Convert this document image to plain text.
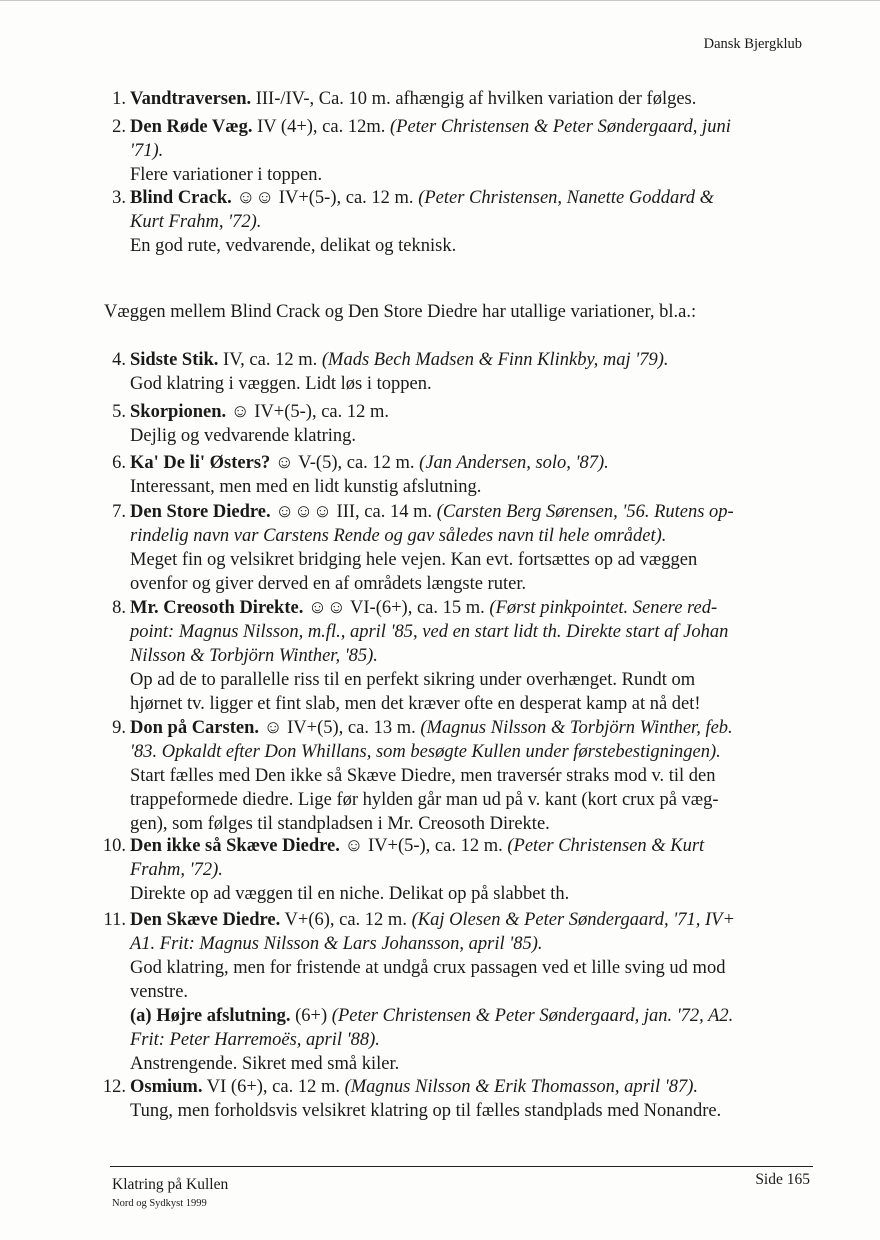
Dansk Bjergklub
1. Vandtraversen. III-/IV-, Ca. 10 m. afhængig af hvilken variation der følges.
2. Den Røde Væg. IV (4+), ca. 12m. (Peter Christensen & Peter Søndergaard, juni
'71).
Flere variationer i toppen.
3. Blind Crack. ☺☺ IV+(5-), ca. 12 m. (Peter Christensen, Nanette Goddard &
Kurt Frahm, '72).
En god rute, vedvarende, delikat og teknisk.
4. Sidste Stik. IV, ca. 12 m. (Mads Bech Madsen & Finn Klinkby, maj '79).
God klatring i væggen. Lidt løs i toppen.
5. Skorpionen. ☺ IV+(5-), ca. 12 m.
Dejlig og vedvarende klatring.
6. Ka' De li' Østers? ☺ V-(5), ca. 12 m. (Jan Andersen, solo, '87).
Interessant, men med en lidt kunstig afslutning.
7. Den Store Diedre. ☺☺☺ III, ca. 14 m. (Carsten Berg Sørensen, '56. Rutens op-
rindelig navn var Carstens Rende og gav således navn til hele området).
Meget fin og velsikret bridging hele vejen. Kan evt. fortsættes op ad væggen
ovenfor og giver derved en af områdets længste ruter.
8. Mr. Creosoth Direkte. ☺☺ VI-(6+), ca. 15 m. (Først pinkpointet. Senere red-
point: Magnus Nilsson, m.fl., april '85, ved en start lidt th. Direkte start af Johan
Nilsson & Torbjörn Winther, '85).
Op ad de to parallelle riss til en perfekt sikring under overhænget. Rundt om
hjørnet tv. ligger et fint slab, men det kræver ofte en desperat kamp at nå det!
9. Don på Carsten. ☺ IV+(5), ca. 13 m. (Magnus Nilsson & Torbjörn Winther, feb.
'83. Opkaldt efter Don Whillans, som besøgte Kullen under førstebestigningen).
Start fælles med Den ikke så Skæve Diedre, men traversér straks mod v. til den
trappeformede diedre. Lige før hylden går man ud på v. kant (kort crux på væg-
gen), som følges til standpladsen i Mr. Creosoth Direkte.
10. Den ikke så Skæve Diedre. ☺ IV+(5-), ca. 12 m. (Peter Christensen & Kurt
Frahm, '72).
Direkte op ad væggen til en niche. Delikat op på slabbet th.
11. Den Skæve Diedre. V+(6), ca. 12 m. (Kaj Olesen & Peter Søndergaard, '71, IV+
A1. Frit: Magnus Nilsson & Lars Johansson, april '85).
God klatring, men for fristende at undgå crux passagen ved et lille sving ud mod
venstre.
(a) Højre afslutning. (6+) (Peter Christensen & Peter Søndergaard, jan. '72, A2.
Frit: Peter Harremoës, april '88).
Anstrengende. Sikret med små kiler.
12. Osmium. VI (6+), ca. 12 m. (Magnus Nilsson & Erik Thomasson, april '87).
Tung, men forholdsvis velsikret klatring op til fælles standplads med Nonandre.
Væggen mellem Blind Crack og Den Store Diedre har utallige variationer, bl.a.:
Klatring på Kullen
Nord og Sydkyst 1999
Side 165
